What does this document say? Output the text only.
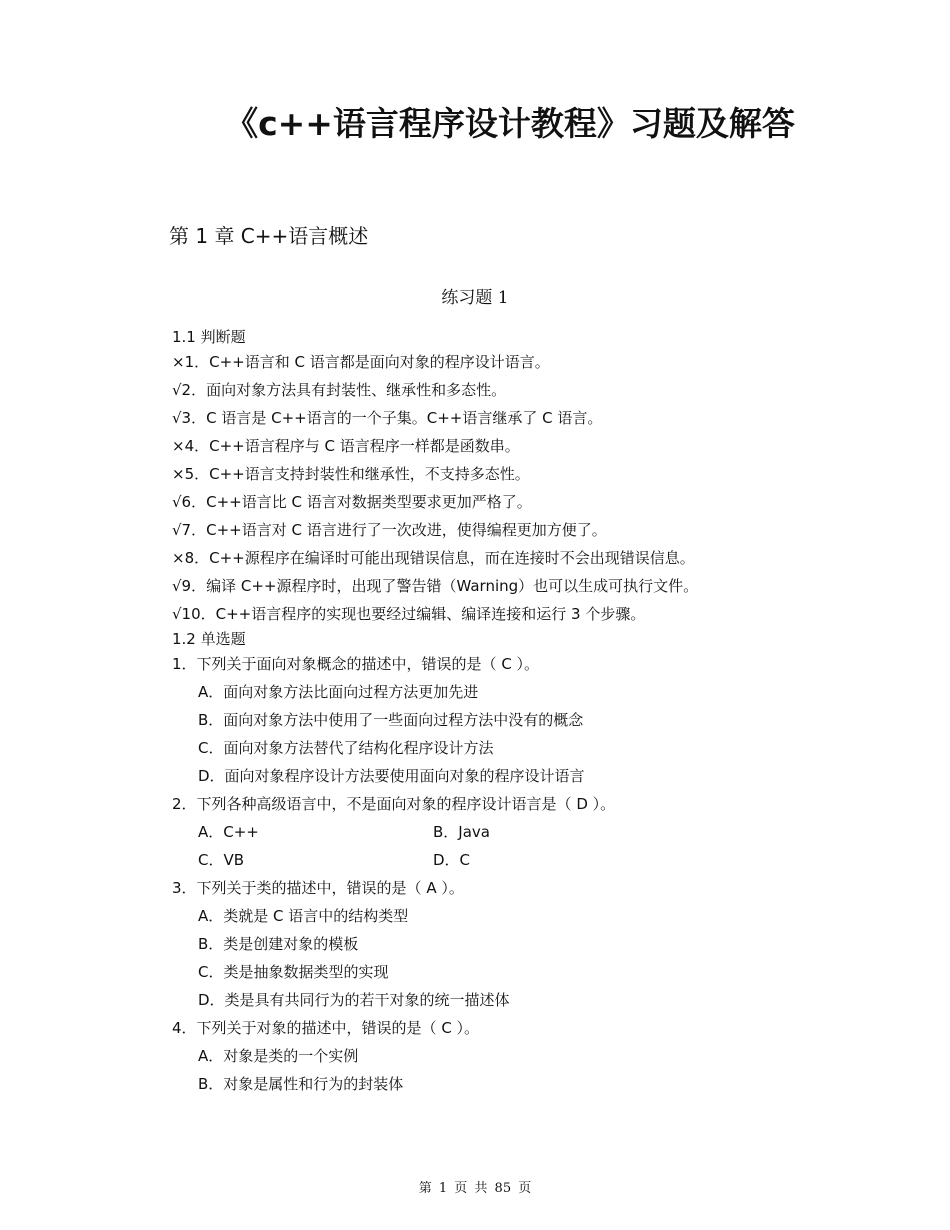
《c++语言程序设计教程》习题及解答
第 1 章 C++语言概述
练习题 1
1.1 判断题
×1．C++语言和 C 语言都是面向对象的程序设计语言。
√2．面向对象方法具有封装性、继承性和多态性。
√3．C 语言是 C++语言的一个子集。C++语言继承了 C 语言。
×4．C++语言程序与 C 语言程序一样都是函数串。
×5．C++语言支持封装性和继承性，不支持多态性。
√6．C++语言比 C 语言对数据类型要求更加严格了。
√7．C++语言对 C 语言进行了一次改进，使得编程更加方便了。
×8．C++源程序在编译时可能出现错误信息，而在连接时不会出现错误信息。
√9．编译 C++源程序时，出现了警告错（Warning）也可以生成可执行文件。
√10．C++语言程序的实现也要经过编辑、编译连接和运行 3 个步骤。
1.2 单选题
1．下列关于面向对象概念的描述中，错误的是（ C ）。
A．面向对象方法比面向过程方法更加先进
B．面向对象方法中使用了一些面向过程方法中没有的概念
C．面向对象方法替代了结构化程序设计方法
D．面向对象程序设计方法要使用面向对象的程序设计语言
2．下列各种高级语言中，不是面向对象的程序设计语言是（ D ）。
A．C++	B．Java
C．VB	D．C
3．下列关于类的描述中，错误的是（ A ）。
A．类就是 C 语言中的结构类型
B．类是创建对象的模板
C．类是抽象数据类型的实现
D．类是具有共同行为的若干对象的统一描述体
4．下列关于对象的描述中，错误的是（ C ）。
A．对象是类的一个实例
B．对象是属性和行为的封装体
第 1 页 共 85 页
